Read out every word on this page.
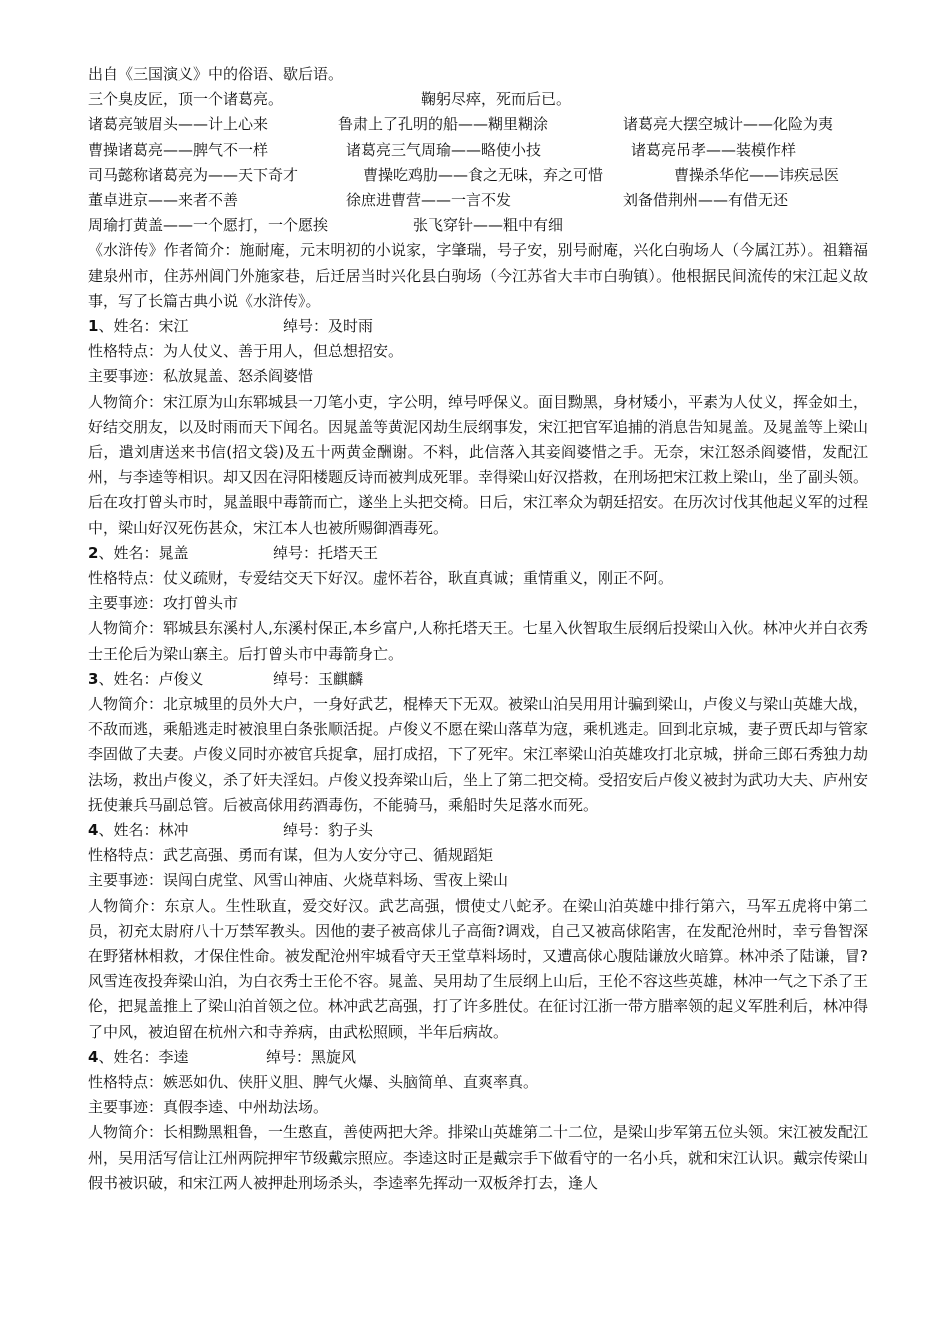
出自《三国演义》中的俗语、歇后语。
三个臭皮匠，顶一个诸葛亮。	鞠躬尽瘁，死而后已。
诸葛亮皱眉头——计上心来	鲁肃上了孔明的船——糊里糊涂	诸葛亮大摆空城计——化险为夷
曹操诸葛亮——脾气不一样	诸葛亮三气周瑜——略使小技	诸葛亮吊孝——装模作样
司马懿称诸葛亮为——天下奇才	曹操吃鸡肋——食之无味，弃之可惜	曹操杀华佗——讳疾忌医
董卓进京——来者不善	徐庶进曹营——一言不发	刘备借荆州——有借无还
周瑜打黄盖——一个愿打，一个愿挨	张飞穿针——粗中有细
《水浒传》作者简介：施耐庵，元末明初的小说家，字肇瑞，号子安，别号耐庵，兴化白驹场人（今属江苏）。祖籍福建泉州市，住苏州阊门外施家巷，后迁居当时兴化县白驹场（今江苏省大丰市白驹镇）。他根据民间流传的宋江起义故事，写了长篇古典小说《水浒传》。
1、姓名：宋江	绰号：及时雨
性格特点：为人仗义、善于用人，但总想招安。
主要事迹：私放晁盖、怒杀阎婆惜
人物简介：宋江原为山东郓城县一刀笔小吏，字公明，绰号呼保义。面目黝黑，身材矮小，平素为人仗义，挥金如土，好结交朋友，以及时雨而天下闻名。因晁盖等黄泥冈劫生辰纲事发，宋江把官军追捕的消息告知晁盖。及晁盖等上梁山后，遣刘唐送来书信(招文袋)及五十两黄金酬谢。不料，此信落入其妾阎婆惜之手。无奈，宋江怒杀阎婆惜，发配江州，与李逵等相识。却又因在浔阳楼题反诗而被判成死罪。幸得梁山好汉搭救，在刑场把宋江救上梁山，坐了副头领。后在攻打曾头市时，晁盖眼中毒箭而亡，遂坐上头把交椅。日后，宋江率众为朝廷招安。在历次讨伐其他起义军的过程中，梁山好汉死伤甚众，宋江本人也被所赐御酒毒死。
2、姓名：晁盖	绰号：托塔天王
性格特点：仗义疏财，专爱结交天下好汉。虚怀若谷，耿直真诚；重情重义，刚正不阿。
主要事迹：攻打曾头市
人物简介：郓城县东溪村人,东溪村保正,本乡富户,人称托塔天王。七星入伙智取生辰纲后投梁山入伙。林冲火并白衣秀士王伦后为梁山寨主。后打曾头市中毒箭身亡。
3、姓名：卢俊义	绰号：玉麒麟
人物简介：北京城里的员外大户，一身好武艺，棍棒天下无双。被梁山泊吴用用计骗到梁山，卢俊义与梁山英雄大战，不敌而逃，乘船逃走时被浪里白条张顺活捉。卢俊义不愿在梁山落草为寇，乘机逃走。回到北京城，妻子贾氏却与管家李固做了夫妻。卢俊义同时亦被官兵捉拿，屈打成招，下了死牢。宋江率梁山泊英雄攻打北京城，拼命三郎石秀独力劫法场，救出卢俊义，杀了奸夫淫妇。卢俊义投奔梁山后，坐上了第二把交椅。受招安后卢俊义被封为武功大夫、庐州安抚使兼兵马副总管。后被高俅用药酒毒伤，不能骑马，乘船时失足落水而死。
4、姓名：林冲	绰号：豹子头
性格特点：武艺高强、勇而有谋，但为人安分守己、循规蹈矩
主要事迹：误闯白虎堂、风雪山神庙、火烧草料场、雪夜上梁山
人物简介：东京人。生性耿直，爱交好汉。武艺高强，惯使丈八蛇矛。在梁山泊英雄中排行第六，马军五虎将中第二员，初充太尉府八十万禁军教头。因他的妻子被高俅儿子高衙?调戏，自己又被高俅陷害，在发配沧州时，幸亏鲁智深在野猪林相救，才保住性命。被发配沧州牢城看守天王堂草料场时，又遭高俅心腹陆谦放火暗算。林冲杀了陆谦，冒?风雪连夜投奔梁山泊，为白衣秀士王伦不容。晁盖、吴用劫了生辰纲上山后，王伦不容这些英雄，林冲一气之下杀了王伦，把晁盖推上了梁山泊首领之位。林冲武艺高强，打了许多胜仗。在征讨江浙一带方腊率领的起义军胜利后，林冲得了中风，被迫留在杭州六和寺养病，由武松照顾，半年后病故。
4、姓名：李逵	绰号：黑旋风
性格特点：嫉恶如仇、侠肝义胆、脾气火爆、头脑简单、直爽率真。
主要事迹：真假李逵、中州劫法场。
人物简介：长相黝黑粗鲁，一生憨直，善使两把大斧。排梁山英雄第二十二位，是梁山步军第五位头领。宋江被发配江州，吴用活写信让江州两院押牢节级戴宗照应。李逵这时正是戴宗手下做看守的一名小兵，就和宋江认识。戴宗传梁山假书被识破，和宋江两人被押赴刑场杀头，李逵率先挥动一双板斧打去，逢人
